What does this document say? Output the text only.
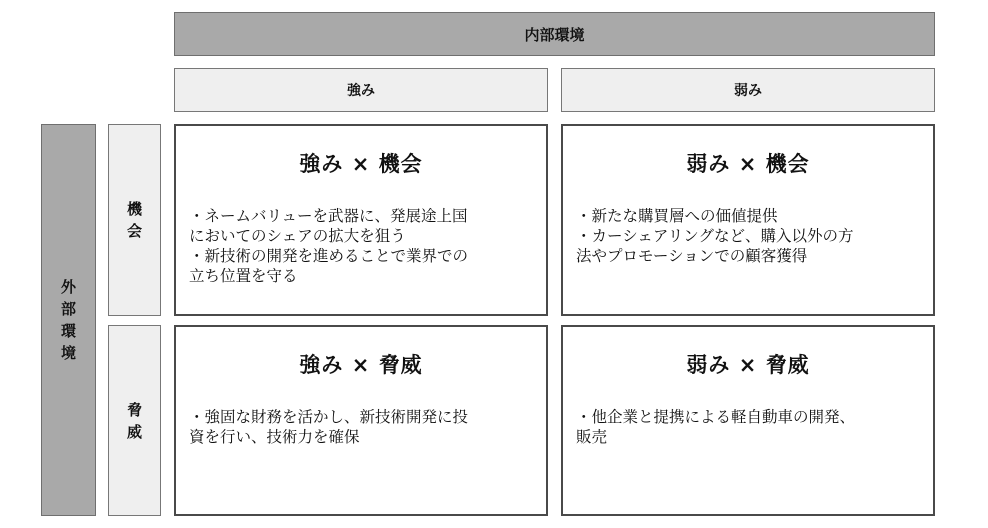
内部環境
強み	弱み
外
部
環
境
機
会
脅
威
強み × 機会
・ネームバリューを武器に、発展途上国
においてのシェアの拡大を狙う
・新技術の開発を進めることで業界での
立ち位置を守る
弱み × 機会
・新たな購買層への価値提供
・カーシェアリングなど、購入以外の方
法やプロモーションでの顧客獲得
強み × 脅威
・強固な財務を活かし、新技術開発に投
資を行い、技術力を確保
弱み × 脅威
・他企業と提携による軽自動車の開発、
販売
